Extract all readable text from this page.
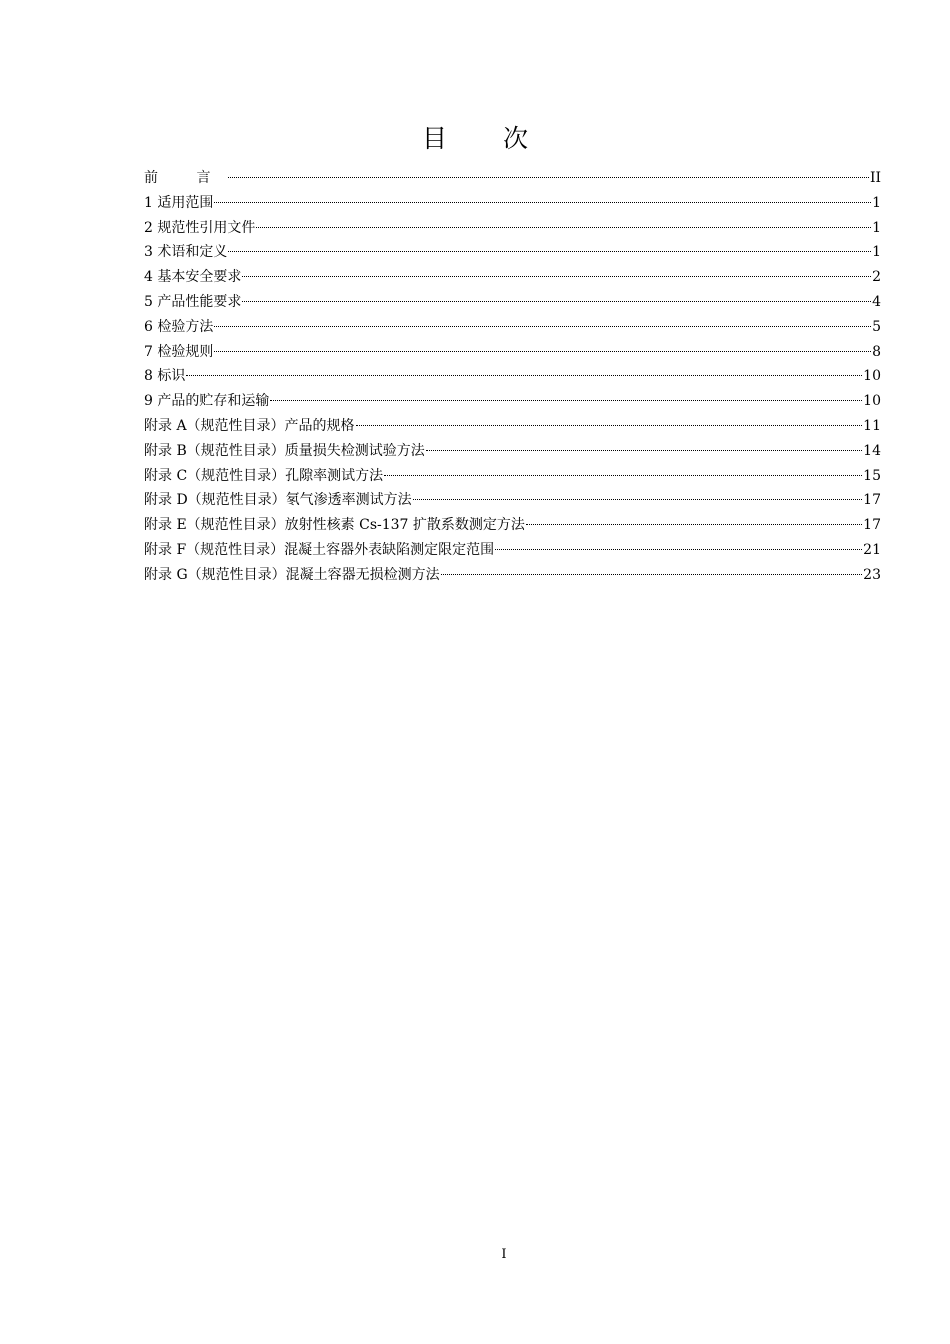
目 次
前 言	II
1 适用范围	1
2 规范性引用文件	1
3 术语和定义	1
4 基本安全要求	2
5 产品性能要求	4
6 检验方法	5
7 检验规则	8
8 标识	10
9 产品的贮存和运输	10
附录 A（规范性目录）产品的规格	11
附录 B（规范性目录）质量损失检测试验方法	14
附录 C（规范性目录）孔隙率测试方法	15
附录 D（规范性目录）氡气渗透率测试方法	17
附录 E（规范性目录）放射性核素 Cs-137 扩散系数测定方法	17
附录 F（规范性目录）混凝土容器外表缺陷测定限定范围	21
附录 G（规范性目录）混凝土容器无损检测方法	23
I
